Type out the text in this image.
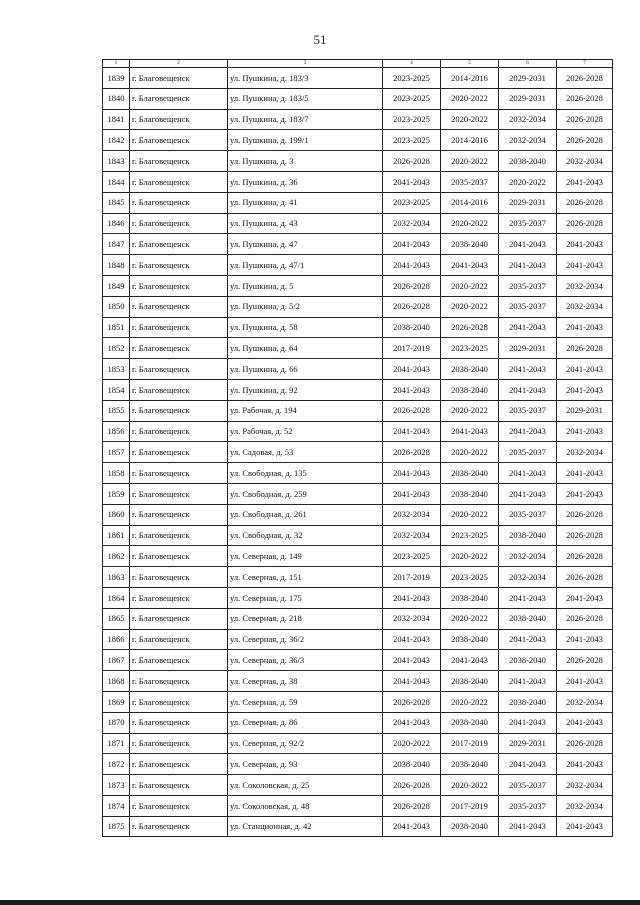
51
1	2	3	4	5	6	7
1839	г. Благовещенск	ул. Пушкина, д. 183/3	2023-2025	2014-2016	2029-2031	2026-2028
1840	г. Благовещенск	ул. Пушкина, д. 183/5	2023-2025	2020-2022	2029-2031	2026-2028
1841	г. Благовещенск	ул. Пушкина, д. 183/7	2023-2025	2020-2022	2032-2034	2026-2028
1842	г. Благовещенск	ул. Пушкина, д. 199/1	2023-2025	2014-2016	2032-2034	2026-2028
1843	г. Благовещенск	ул. Пушкина, д. 3	2026-2028	2020-2022	2038-2040	2032-2034
1844	г. Благовещенск	ул. Пушкина, д. 36	2041-2043	2035-2037	2020-2022	2041-2043
1845	г. Благовещенск	ул. Пушкина, д. 41	2023-2025	2014-2016	2029-2031	2026-2028
1846	г. Благовещенск	ул. Пушкина, д. 43	2032-2034	2020-2022	2035-2037	2026-2028
1847	г. Благовещенск	ул. Пушкина, д. 47	2041-2043	2038-2040	2041-2043	2041-2043
1848	г. Благовещенск	ул. Пушкина, д. 47/1	2041-2043	2041-2043	2041-2043	2041-2043
1849	г. Благовещенск	ул. Пушкина, д. 5	2026-2028	2020-2022	2035-2037	2032-2034
1850	г. Благовещенск	ул. Пушкина, д. 5/2	2026-2028	2020-2022	2035-2037	2032-2034
1851	г. Благовещенск	ул. Пушкина, д. 58	2038-2040	2026-2028	2041-2043	2041-2043
1852	г. Благовещенск	ул. Пушкина, д. 64	2017-2019	2023-2025	2029-2031	2026-2028
1853	г. Благовещенск	ул. Пушкина, д. 66	2041-2043	2038-2040	2041-2043	2041-2043
1854	г. Благовещенск	ул. Пушкина, д. 92	2041-2043	2038-2040	2041-2043	2041-2043
1855	г. Благовещенск	ул. Рабочая, д. 194	2026-2028	2020-2022	2035-2037	2029-2031
1856	г. Благовещенск	ул. Рабочая, д. 52	2041-2043	2041-2043	2041-2043	2041-2043
1857	г. Благовещенск	ул. Садовая, д. 53	2026-2028	2020-2022	2035-2037	2032-2034
1858	г. Благовещенск	ул. Свободная, д. 135	2041-2043	2038-2040	2041-2043	2041-2043
1859	г. Благовещенск	ул. Свободная, д. 259	2041-2043	2038-2040	2041-2043	2041-2043
1860	г. Благовещенск	ул. Свободная, д. 261	2032-2034	2020-2022	2035-2037	2026-2028
1861	г. Благовещенск	ул. Свободная, д. 32	2032-2034	2023-2025	2038-2040	2026-2028
1862	г. Благовещенск	ул. Северная, д. 149	2023-2025	2020-2022	2032-2034	2026-2028
1863	г. Благовещенск	ул. Северная, д. 151	2017-2019	2023-2025	2032-2034	2026-2028
1864	г. Благовещенск	ул. Северная, д. 175	2041-2043	2038-2040	2041-2043	2041-2043
1865	г. Благовещенск	ул. Северная, д. 218	2032-2034	2020-2022	2038-2040	2026-2028
1866	г. Благовещенск	ул. Северная, д. 36/2	2041-2043	2038-2040	2041-2043	2041-2043
1867	г. Благовещенск	ул. Северная, д. 36/3	2041-2043	2041-2043	2038-2040	2026-2028
1868	г. Благовещенск	ул. Северная, д. 38	2041-2043	2038-2040	2041-2043	2041-2043
1869	г. Благовещенск	ул. Северная, д. 59	2026-2028	2020-2022	2038-2040	2032-2034
1870	г. Благовещенск	ул. Северная, д. 86	2041-2043	2038-2040	2041-2043	2041-2043
1871	г. Благовещенск	ул. Северная, д. 92/2	2020-2022	2017-2019	2029-2031	2026-2028
1872	г. Благовещенск	ул. Северная, д. 93	2038-2040	2038-2040	2041-2043	2041-2043
1873	г. Благовещенск	ул. Соколовская, д. 25	2026-2028	2020-2022	2035-2037	2032-2034
1874	г. Благовещенск	ул. Соколовская, д. 48	2026-2028	2017-2019	2035-2037	2032-2034
1875	г. Благовещенск	ул. Станционная, д. 42	2041-2043	2038-2040	2041-2043	2041-2043
